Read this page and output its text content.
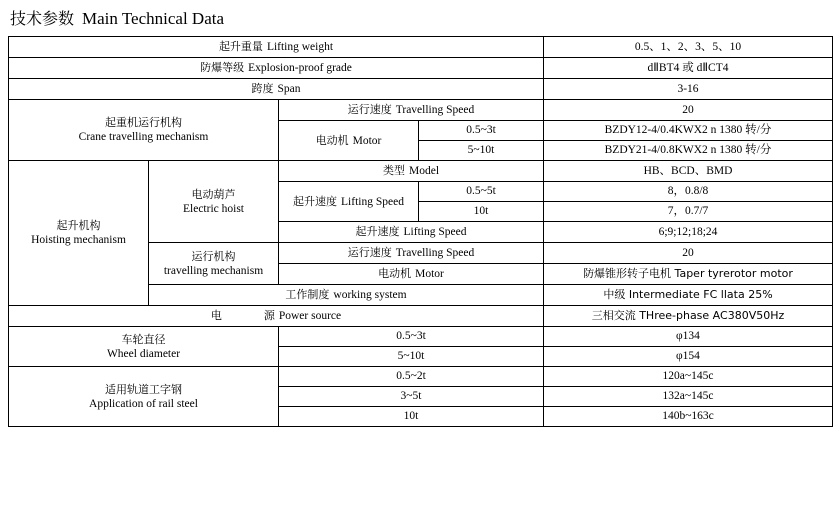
技术参数 Main Technical Data
起升重量 Lifting weight				0.5、1、2、3、5、10
防爆等级 Explosion-proof grade				dⅡBT4 或 dⅡCT4
跨度 Span				3-16

起重机运行机构
Crane travelling mechanism		运行速度 Travelling Speed		20
		电动机 Motor	0.5~3t	BZDY12-4/0.4KWX2 n 1380 转/分
			5~10t	BZDY21-4/0.8KWX2 n 1380 转/分

起升机构
Hoisting mechanism	电动葫芦
Electric hoist	类型 Model		HB、BCD、BMD
		起升速度 Lifting Speed	0.5~5t	8，0.8/8
			10t	7，0.7/7
		起升速度 Lifting Speed		6;9;12;18;24

	运行机构
travelling mechanism	运行速度 Travelling Speed		20
		电动机 Motor		防爆锥形转子电机 Taper tyrerotor motor
	工作制度 working system			中级 Intermediate FC llata 25%
电 源 Power source				三相交流 THree-phase AC380V50Hz

车轮直径
Wheel diameter		0.5~3t		φ134
		5~10t		φ154

适用轨道工字钢
Application of rail steel		0.5~2t		120a~145c
		3~5t		132a~145c
		10t		140b~163c
